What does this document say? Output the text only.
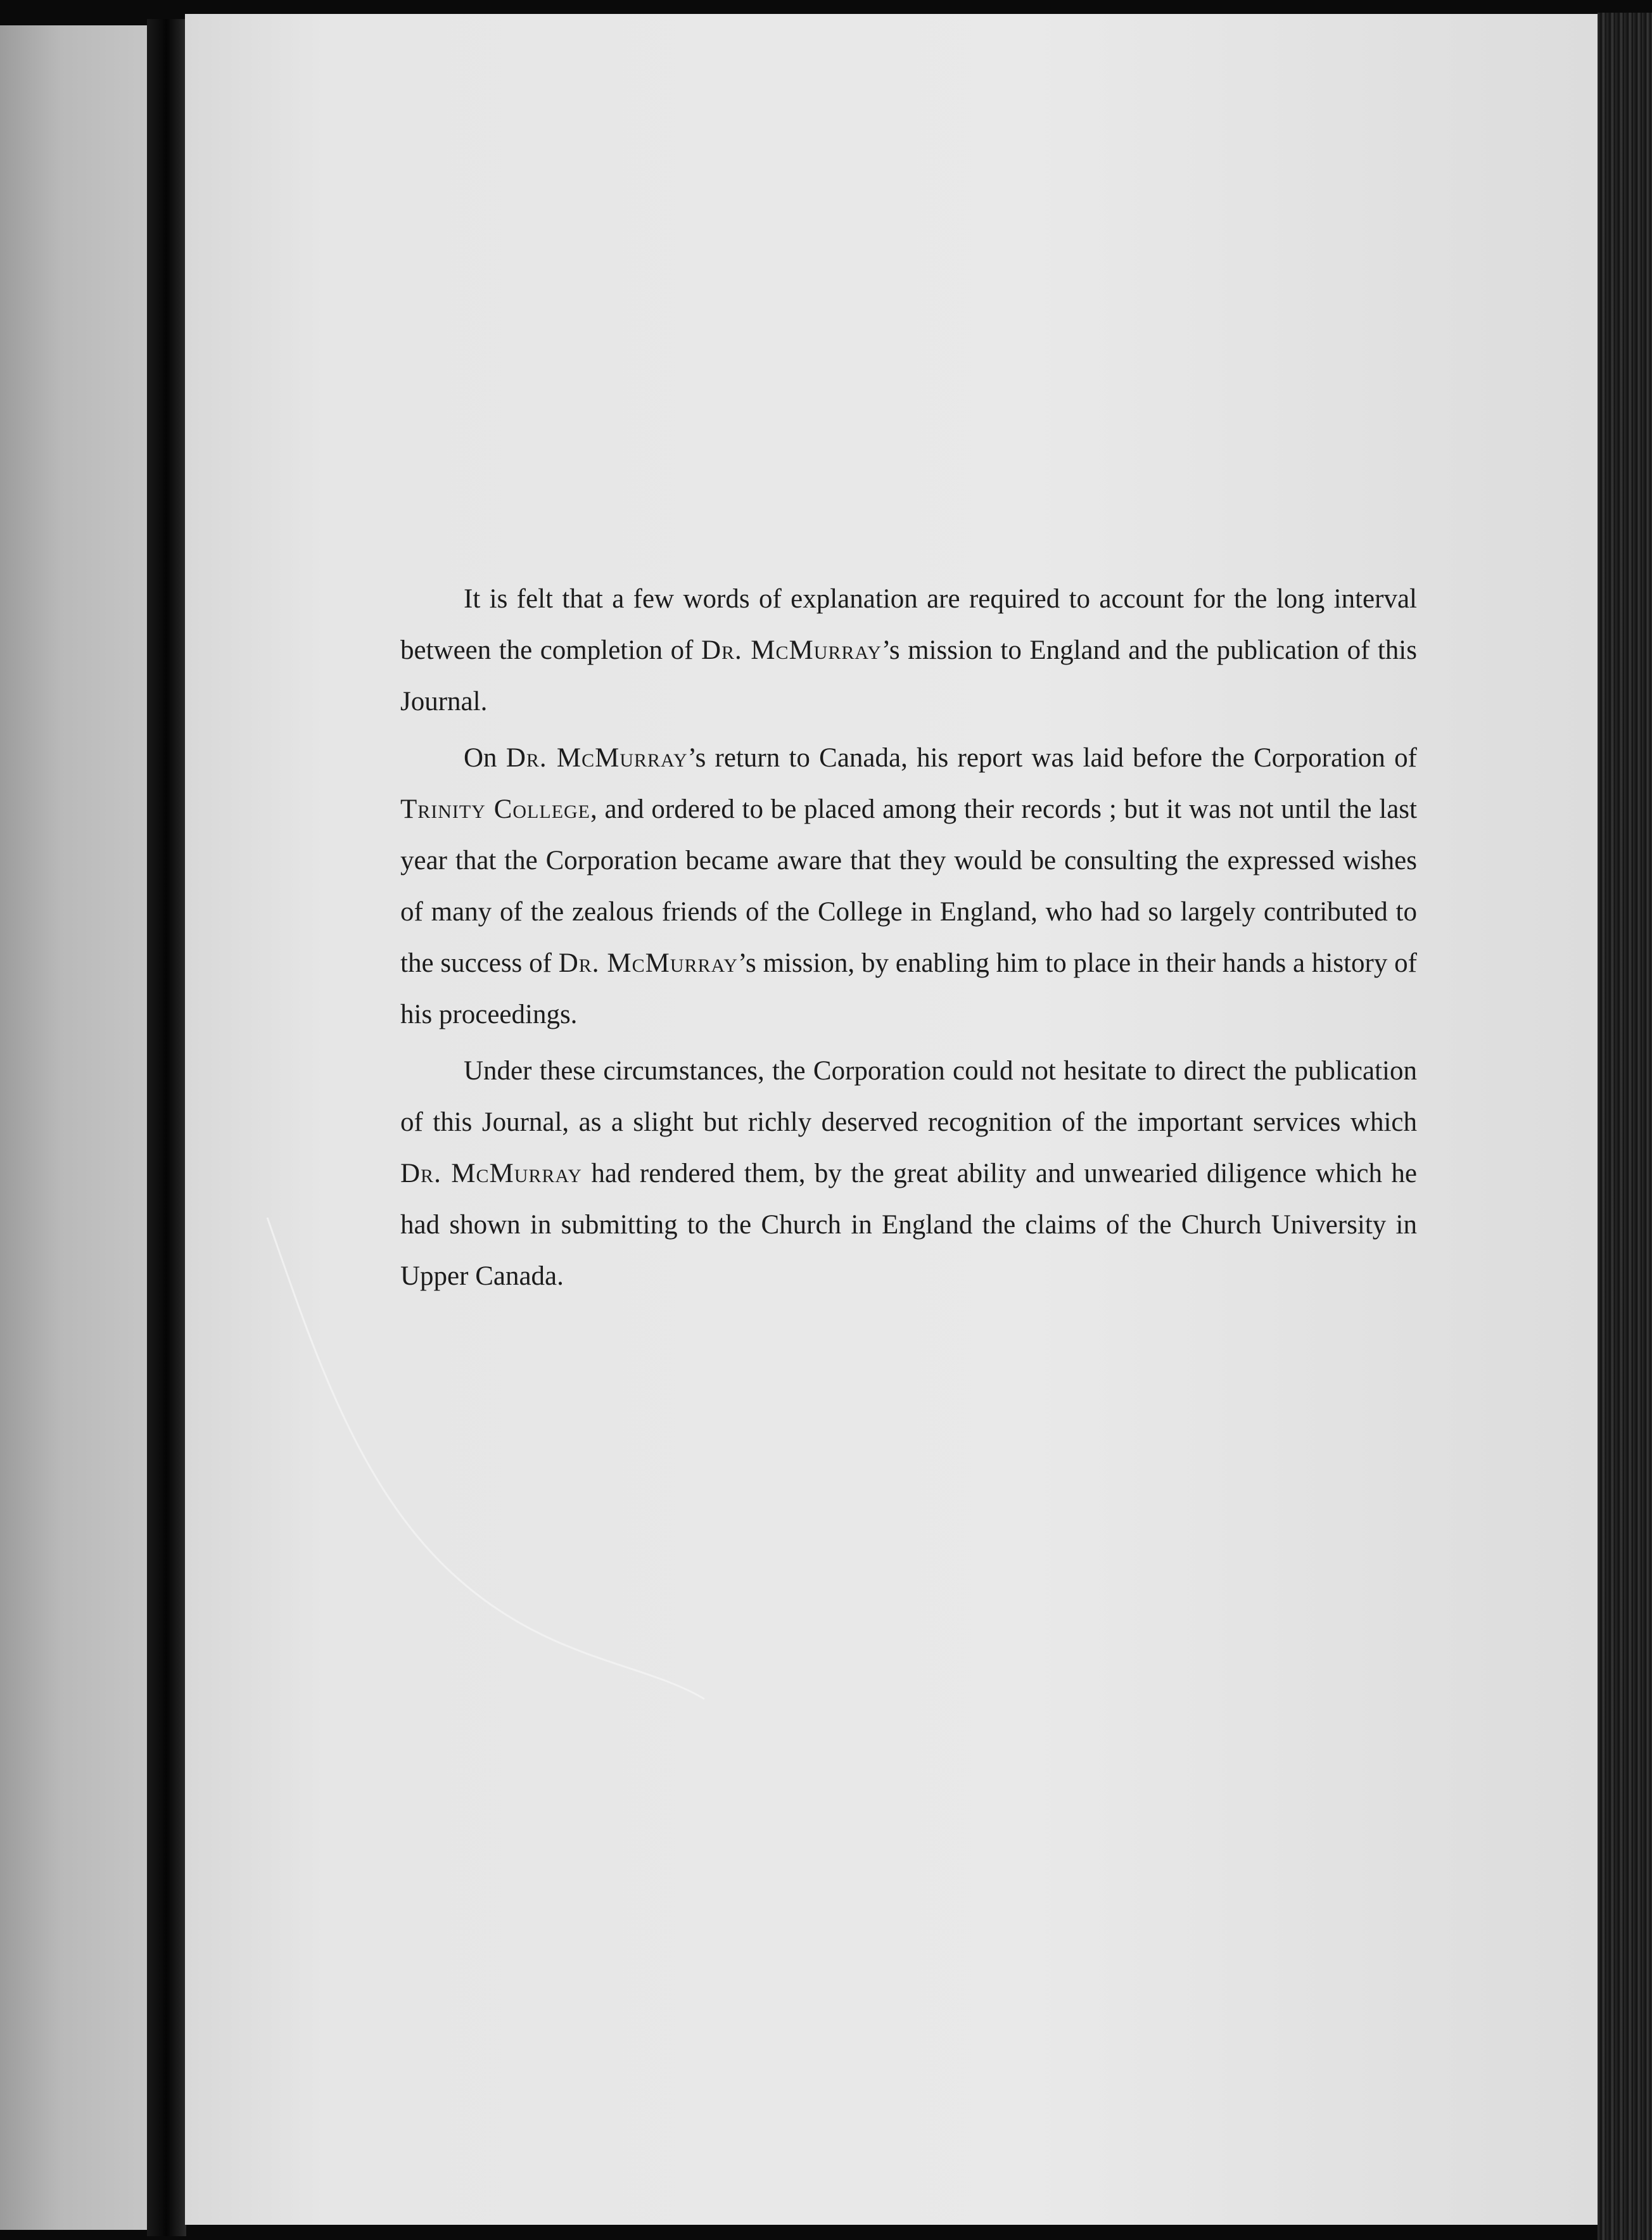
It is felt that a few words of explanation are required to account for the long interval between the completion of Dr. McMurray’s mission to England and the publication of this Journal.

On Dr. McMurray’s return to Canada, his report was laid before the Corporation of Trinity College, and ordered to be placed among their records ; but it was not until the last year that the Corporation became aware that they would be consulting the expressed wishes of many of the zealous friends of the College in England, who had so largely contributed to the success of Dr. McMurray’s mission, by enabling him to place in their hands a history of his proceedings.

Under these circumstances, the Corporation could not hesitate to direct the publication of this Journal, as a slight but richly deserved recognition of the important services which Dr. McMurray had rendered them, by the great ability and unwearied diligence which he had shown in submitting to the Church in England the claims of the Church University in Upper Canada.
